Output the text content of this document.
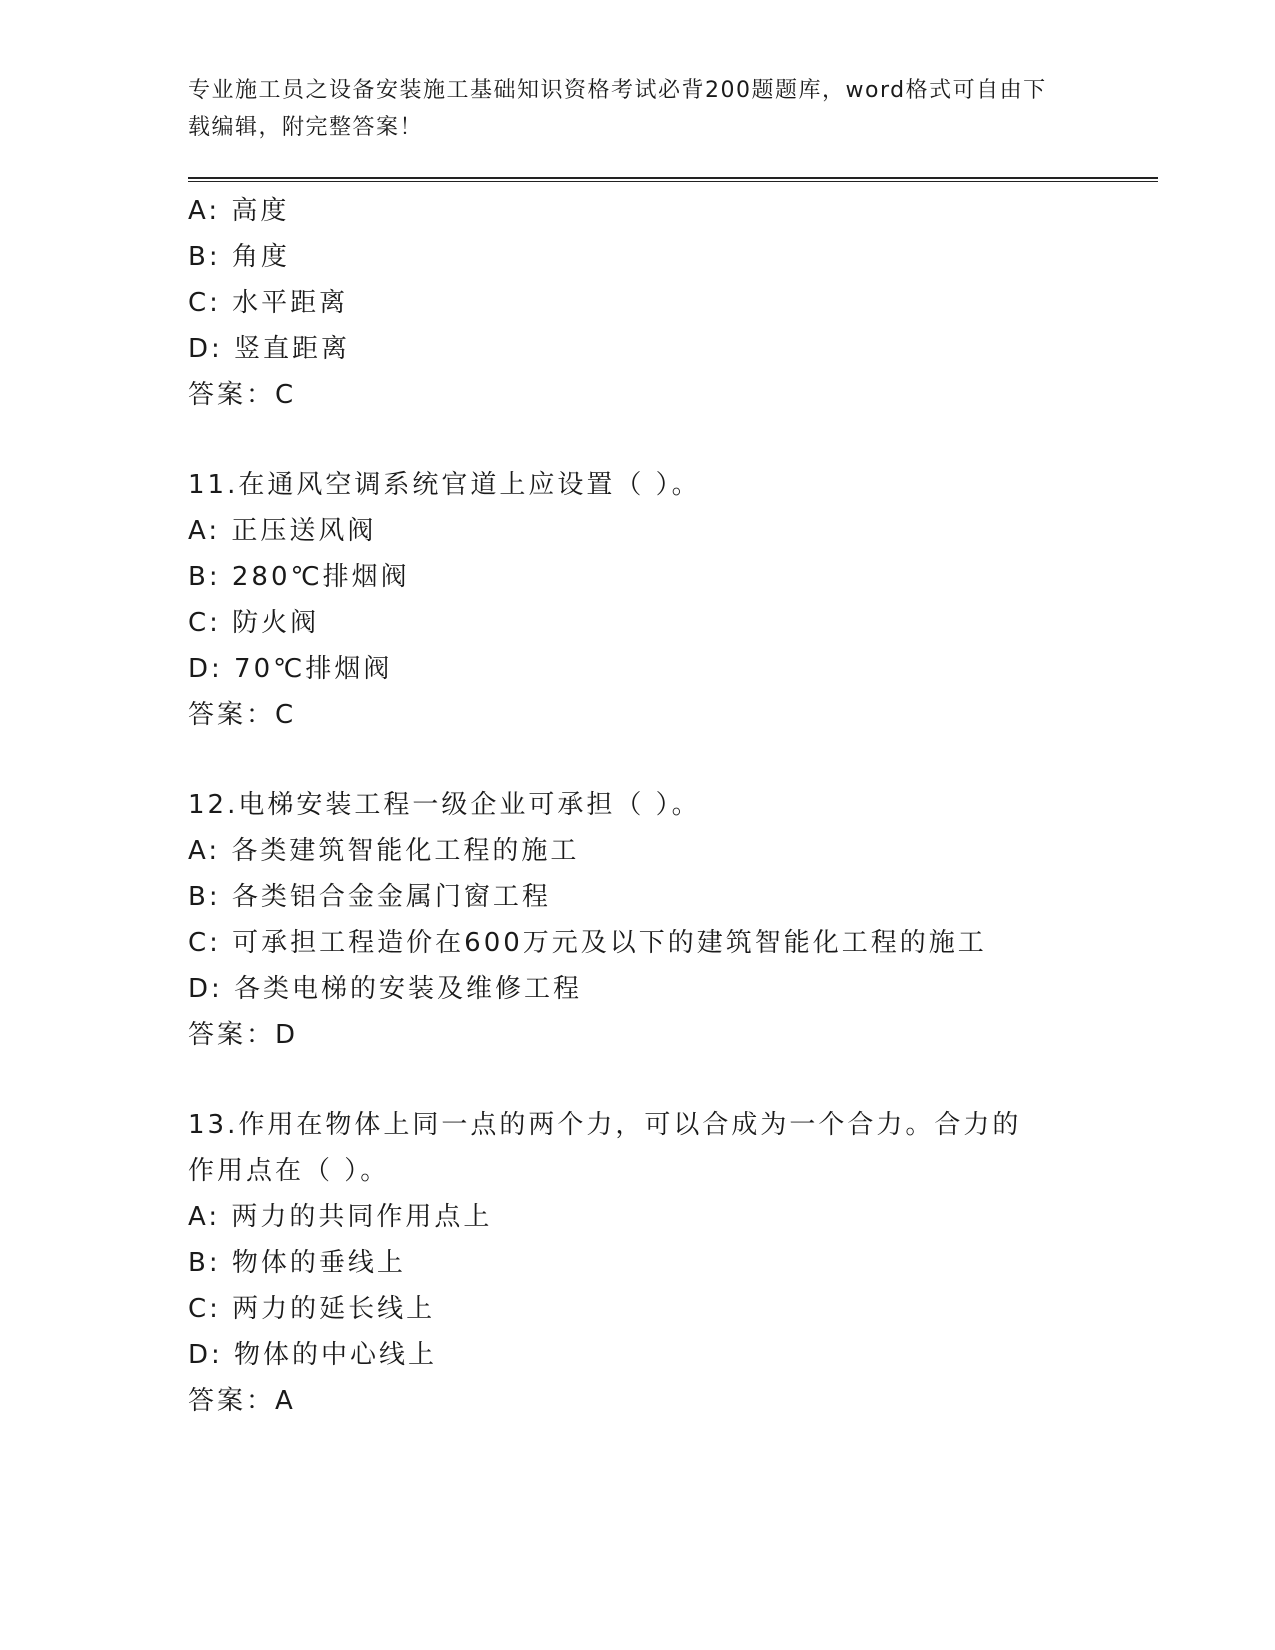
专业施工员之设备安装施工基础知识资格考试必背200题题库，word格式可自由下载编辑，附完整答案！
A: 高度
B: 角度
C: 水平距离
D: 竖直距离
答案：C
11.在通风空调系统官道上应设置（ ）。
A: 正压送风阀
B: 280℃排烟阀
C: 防火阀
D: 70℃排烟阀
答案：C
12.电梯安装工程一级企业可承担（ ）。
A: 各类建筑智能化工程的施工
B: 各类铝合金金属门窗工程
C: 可承担工程造价在600万元及以下的建筑智能化工程的施工
D: 各类电梯的安装及维修工程
答案：D
13.作用在物体上同一点的两个力，可以合成为一个合力。合力的作用点在（ ）。
A: 两力的共同作用点上
B: 物体的垂线上
C: 两力的延长线上
D: 物体的中心线上
答案：A
